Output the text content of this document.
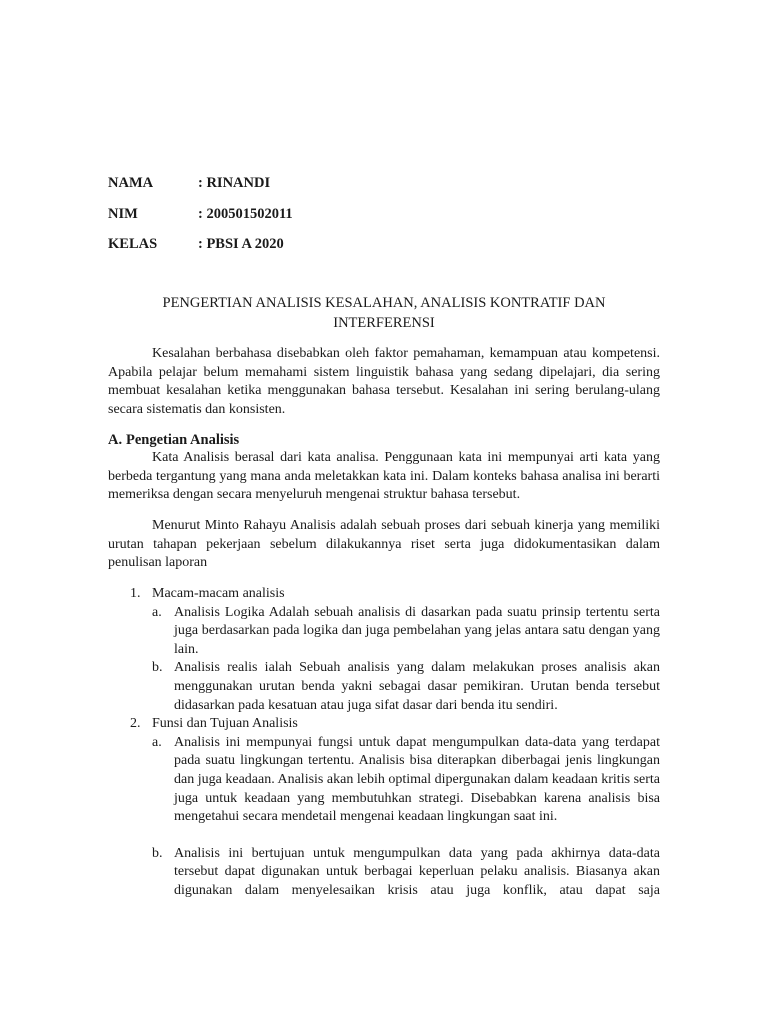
NAMA	: RINANDI
NIM	: 200501502011
KELAS	: PBSI A 2020
PENGERTIAN ANALISIS KESALAHAN, ANALISIS KONTRATIF DAN
INTERFERENSI

Kesalahan berbahasa disebabkan oleh faktor pemahaman, kemampuan atau kompetensi. Apabila pelajar belum memahami sistem linguistik bahasa yang sedang dipelajari, dia sering membuat kesalahan ketika menggunakan bahasa tersebut. Kesalahan ini sering berulang-ulang secara sistematis dan konsisten.

A. Pengetian Analisis

Kata Analisis berasal dari kata analisa. Penggunaan kata ini mempunyai arti kata yang berbeda tergantung yang mana anda meletakkan kata ini. Dalam konteks bahasa analisa ini berarti memeriksa dengan secara menyeluruh mengenai struktur bahasa tersebut.

Menurut Minto Rahayu Analisis adalah sebuah proses dari sebuah kinerja yang memiliki urutan tahapan pekerjaan sebelum dilakukannya riset serta juga didokumentasikan dalam penulisan laporan

1. Macam-macam analisis
a. Analisis Logika Adalah sebuah analisis di dasarkan pada suatu prinsip tertentu serta juga berdasarkan pada logika dan juga pembelahan yang jelas antara satu dengan yang lain.
b. Analisis realis ialah Sebuah analisis yang dalam melakukan proses analisis akan menggunakan urutan benda yakni sebagai dasar pemikiran. Urutan benda tersebut didasarkan pada kesatuan atau juga sifat dasar dari benda itu sendiri.
2. Funsi dan Tujuan Analisis
a. Analisis ini mempunyai fungsi untuk dapat mengumpulkan data-data yang terdapat pada suatu lingkungan tertentu. Analisis bisa diterapkan diberbagai jenis lingkungan dan juga keadaan. Analisis akan lebih optimal dipergunakan dalam keadaan kritis serta juga untuk keadaan yang membutuhkan strategi. Disebabkan karena analisis bisa mengetahui secara mendetail mengenai keadaan lingkungan saat ini.
b. Analisis ini bertujuan untuk mengumpulkan data yang pada akhirnya data-data tersebut dapat digunakan untuk berbagai keperluan pelaku analisis. Biasanya akan digunakan dalam menyelesaikan krisis atau juga konflik, atau dapat saja
